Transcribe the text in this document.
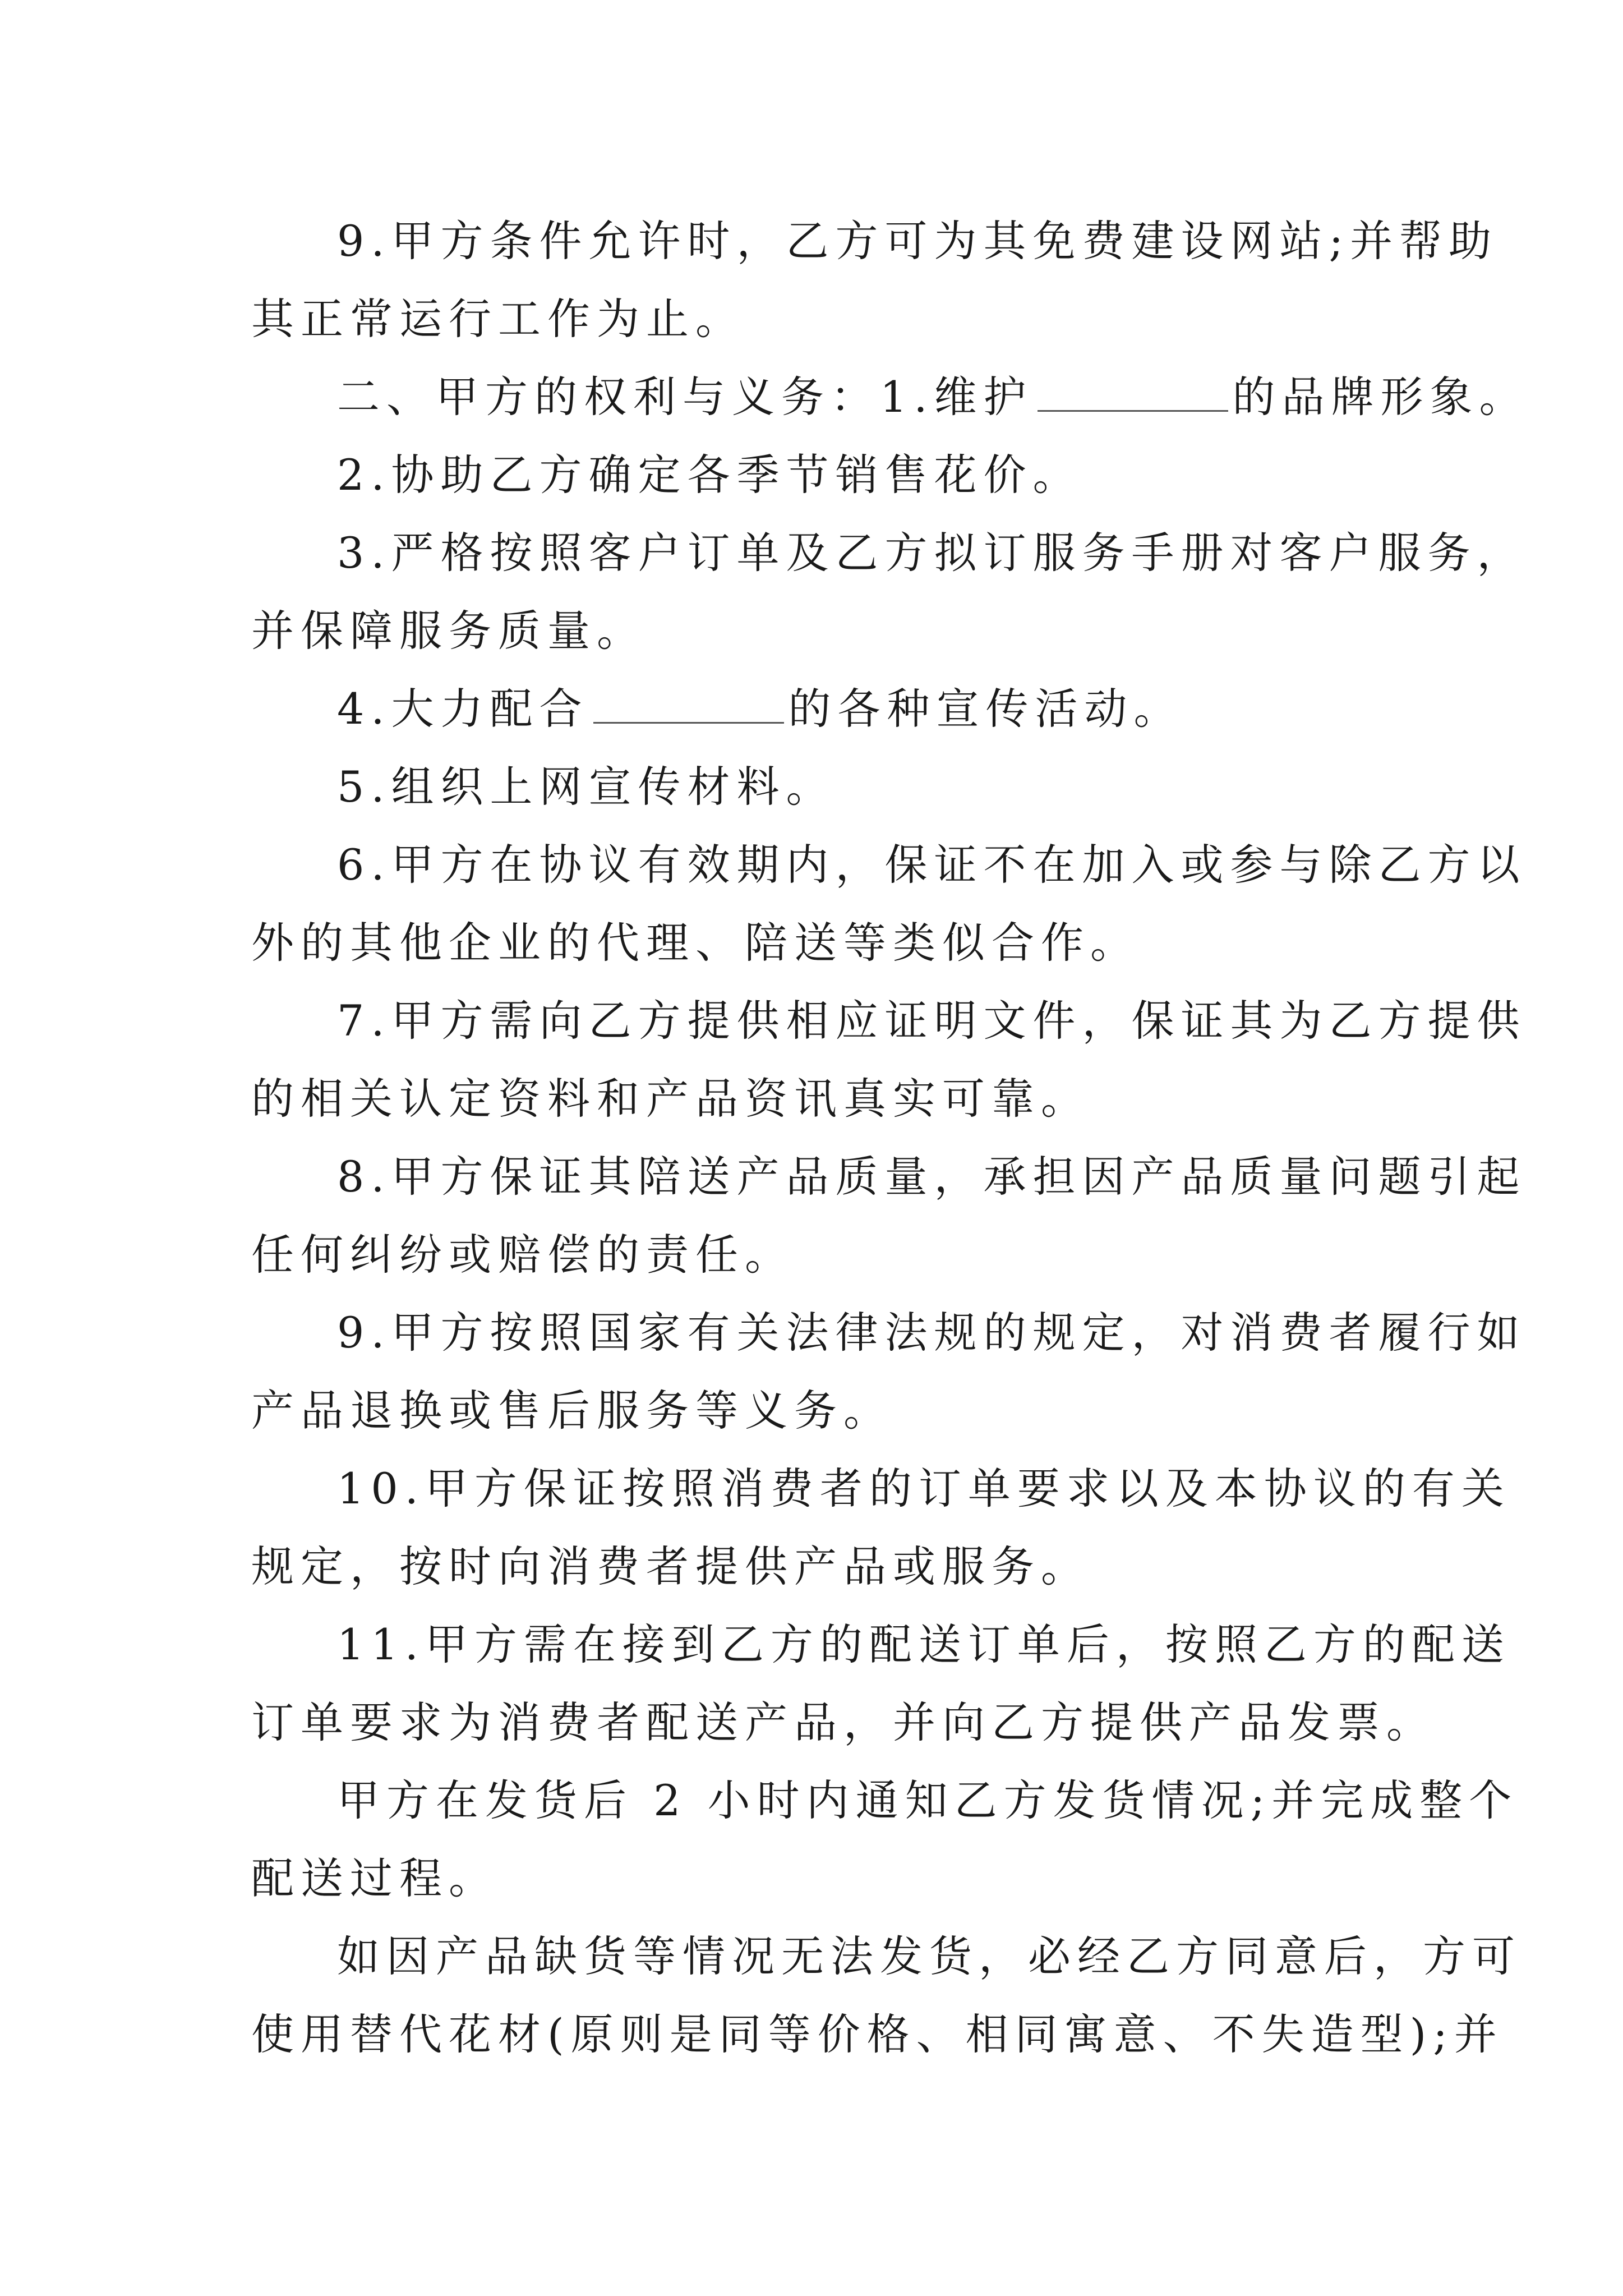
9.甲方条件允许时，乙方可为其免费建设网站;并帮助
其正常运行工作为止。
二、甲方的权利与义务：1.维护	的品牌形象。
2.协助乙方确定各季节销售花价。
3.严格按照客户订单及乙方拟订服务手册对客户服务，
并保障服务质量。
4.大力配合	的各种宣传活动。
5.组织上网宣传材料。
6.甲方在协议有效期内，保证不在加入或参与除乙方以
外的其他企业的代理、陪送等类似合作。
7.甲方需向乙方提供相应证明文件，保证其为乙方提供
的相关认定资料和产品资讯真实可靠。
8.甲方保证其陪送产品质量，承担因产品质量问题引起
任何纠纷或赔偿的责任。
9.甲方按照国家有关法律法规的规定，对消费者履行如
产品退换或售后服务等义务。
10.甲方保证按照消费者的订单要求以及本协议的有关
规定，按时向消费者提供产品或服务。
11.甲方需在接到乙方的配送订单后，按照乙方的配送
订单要求为消费者配送产品，并向乙方提供产品发票。
甲方在发货后 2 小时内通知乙方发货情况;并完成整个
配送过程。
如因产品缺货等情况无法发货，必经乙方同意后，方可
使用替代花材(原则是同等价格、相同寓意、不失造型);并
